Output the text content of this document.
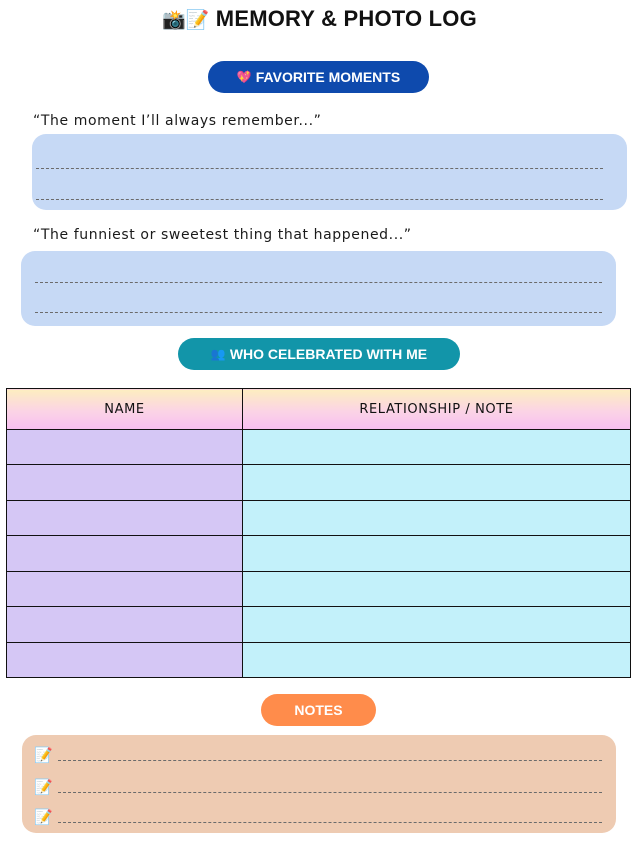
📸📝 MEMORY & PHOTO LOG
💖 FAVORITE MOMENTS
“The moment I’ll always remember...”
“The funniest or sweetest thing that happened...”
👥 WHO CELEBRATED WITH ME
NAME	RELATIONSHIP / NOTE

NOTES
📝
📝
📝
